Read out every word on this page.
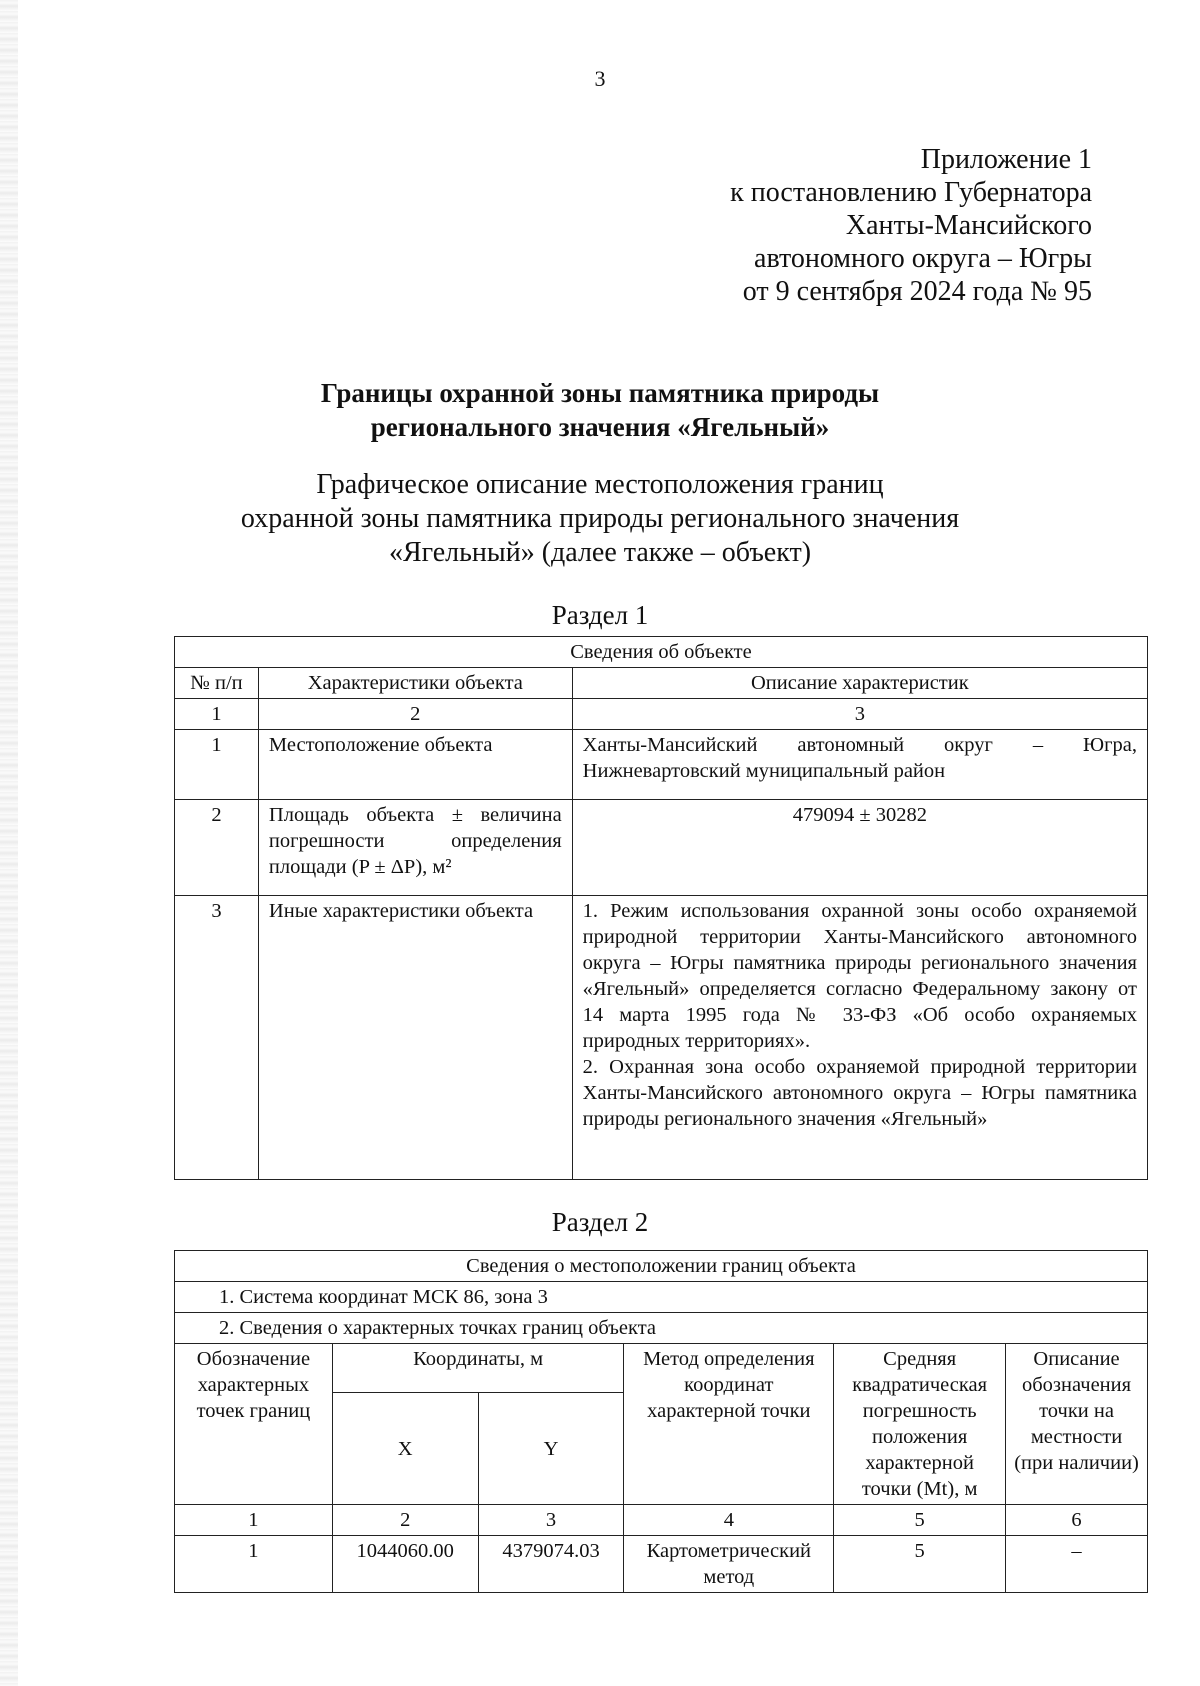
3
Приложение 1
к постановлению Губернатора
Ханты-Мансийского
автономного округа – Югры
от 9 сентября 2024 года № 95
Границы охранной зоны памятника природы
регионального значения «Ягельный»
Графическое описание местоположения границ
охранной зоны памятника природы регионального значения
«Ягельный» (далее также – объект)
Раздел 1
Сведения об объекте		
№ п/п	Характеристики объекта	Описание характеристик
1	2	3
1	Местоположение объекта	Ханты-Мансийский автономный округ – Югра, Нижневартовский муниципальный район
2	Площадь объекта ± величина погрешности определения площади (P ± ΔP), м²	479094 ± 30282
3	Иные характеристики объекта	1. Режим использования охранной зоны особо охраняемой природной территории Ханты-Мансийского автономного округа – Югры памятника природы регионального значения «Ягельный» определяется согласно Федеральному закону от 14 марта 1995 года № 33-ФЗ «Об особо охраняемых природных территориях».
2. Охранная зона особо охраняемой природной территории Ханты-Мансийского автономного округа – Югры памятника природы регионального значения «Ягельный»
Раздел 2
Сведения о местоположении границ объекта					
1. Система координат МСК 86, зона 3					
2. Сведения о характерных точках границ объекта					
Обозначение характерных точек границ	Координаты, м		Метод определения координат характерной точки	Средняя квадратическая погрешность положения характерной точки (Mt), м	Описание обозначения точки на местности (при наличии)
	X	Y			
1	2	3	4	5	6
1	1044060.00	4379074.03	Картометрический метод	5	–
